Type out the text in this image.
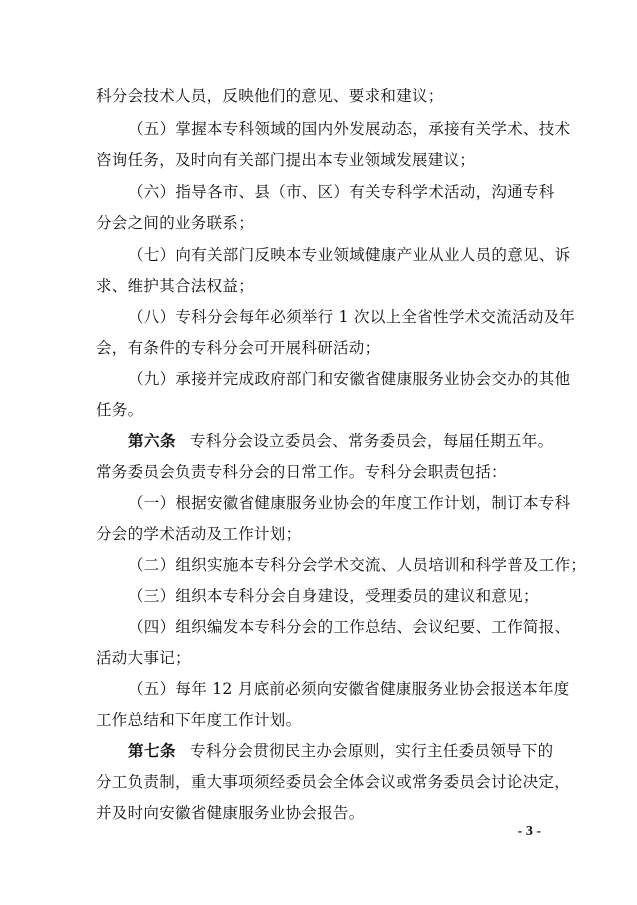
科分会技术人员，反映他们的意见、要求和建议；
（五）掌握本专科领域的国内外发展动态，承接有关学术、技术
咨询任务，及时向有关部门提出本专业领域发展建议；
（六）指导各市、县（市、区）有关专科学术活动，沟通专科
分会之间的业务联系；
（七）向有关部门反映本专业领域健康产业从业人员的意见、诉
求、维护其合法权益；
（八）专科分会每年必须举行 1 次以上全省性学术交流活动及年
会，有条件的专科分会可开展科研活动；
（九）承接并完成政府部门和安徽省健康服务业协会交办的其他
任务。
第六条 专科分会设立委员会、常务委员会，每届任期五年。
常务委员会负责专科分会的日常工作。专科分会职责包括：
（一）根据安徽省健康服务业协会的年度工作计划，制订本专科
分会的学术活动及工作计划；
（二）组织实施本专科分会学术交流、人员培训和科学普及工作；
（三）组织本专科分会自身建设，受理委员的建议和意见；
（四）组织编发本专科分会的工作总结、会议纪要、工作简报、
活动大事记；
（五）每年 12 月底前必须向安徽省健康服务业协会报送本年度
工作总结和下年度工作计划。
第七条 专科分会贯彻民主办会原则，实行主任委员领导下的
分工负责制，重大事项须经委员会全体会议或常务委员会讨论决定，
并及时向安徽省健康服务业协会报告。
- 3 -
